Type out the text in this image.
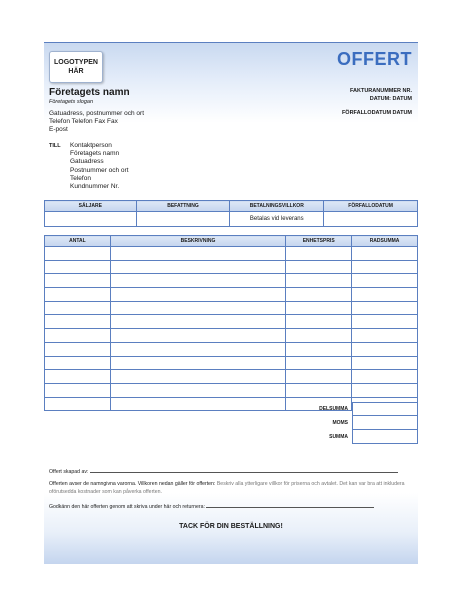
LOGOTYPEN
HÄR
OFFERT
Företagets namn
Företagets slogan
FAKTURANUMMER NR.
DATUM: DATUM
FÖRFALLODATUM DATUM
Gatuadress, postnummer och ort
Telefon Telefon Fax Fax
E-post
TILL Kontaktperson
Företagets namn
Gatuadress
Postnummer och ort
Telefon
Kundnummer Nr.
SÄLJARE	BEFATTNING	BETALNINGSVILLKOR	FÖRFALLODATUM
		Betalas vid leverans	
ANTAL	BESKRIVNING	ENHETSPRIS	RADSUMMA

DELSUMMA
MOMS
SUMMA
Offert skapad av:
Offerten avser de namngivna varorna. Villkoren nedan gäller för offerten: Beskriv alla ytterligare villkor för priserna och avtalet. Det kan var bra att inkludera oförutsedda kostnader som kan påverka offerten.
Godkänn den här offerten genom att skriva under här och returnera:
TACK FÖR DIN BESTÄLLNING!
